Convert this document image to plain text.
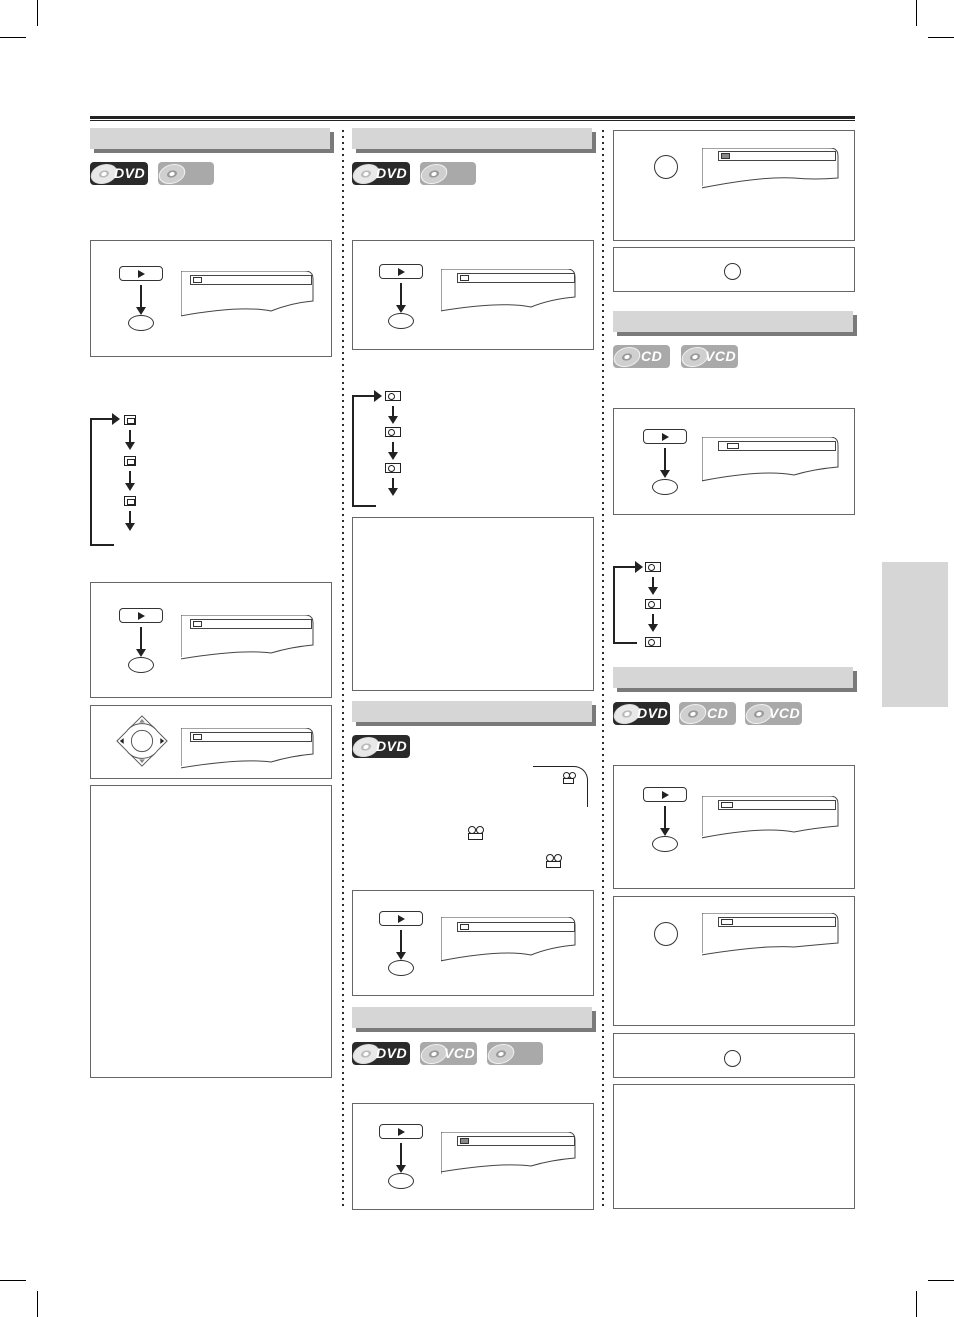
DVD	DVD
DVD
DVD	VCD
CD	VCD
DVD	CD	VCD
